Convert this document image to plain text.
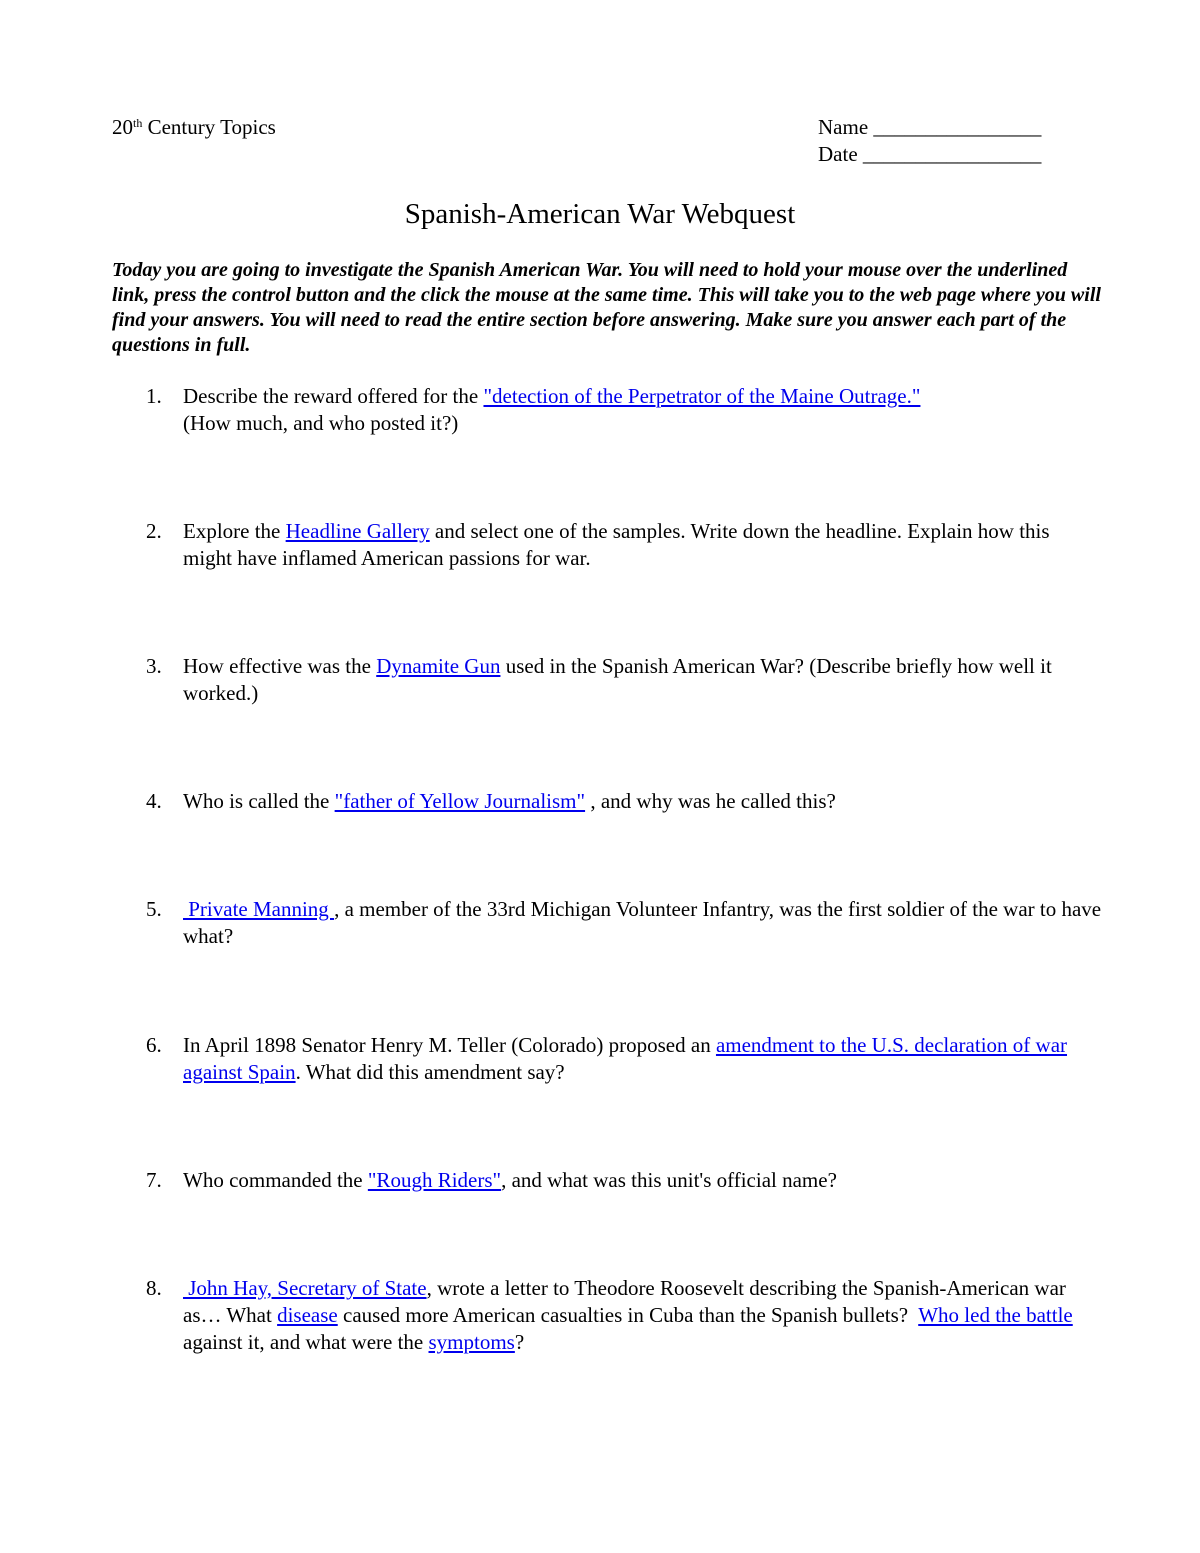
20th Century Topics	Name ________________
Date _________________
Spanish-American War Webquest
Today you are going to investigate the Spanish American War. You will need to hold your mouse over the underlined link, press the control button and the click the mouse at the same time. This will take you to the web page where you will find your answers. You will need to read the entire section before answering. Make sure you answer each part of the questions in full.
1. Describe the reward offered for the "detection of the Perpetrator of the Maine Outrage."
(How much, and who posted it?)
2. Explore the Headline Gallery and select one of the samples. Write down the headline. Explain how this might have inflamed American passions for war.
3. How effective was the Dynamite Gun used in the Spanish American War? (Describe briefly how well it worked.)
4. Who is called the "father of Yellow Journalism" , and why was he called this?
5. Private Manning , a member of the 33rd Michigan Volunteer Infantry, was the first soldier of the war to have what?
6. In April 1898 Senator Henry M. Teller (Colorado) proposed an amendment to the U.S. declaration of war against Spain. What did this amendment say?
7. Who commanded the "Rough Riders", and what was this unit's official name?
8. John Hay, Secretary of State, wrote a letter to Theodore Roosevelt describing the Spanish-American war as… What disease caused more American casualties in Cuba than the Spanish bullets?  Who led the battle against it, and what were the symptoms?
